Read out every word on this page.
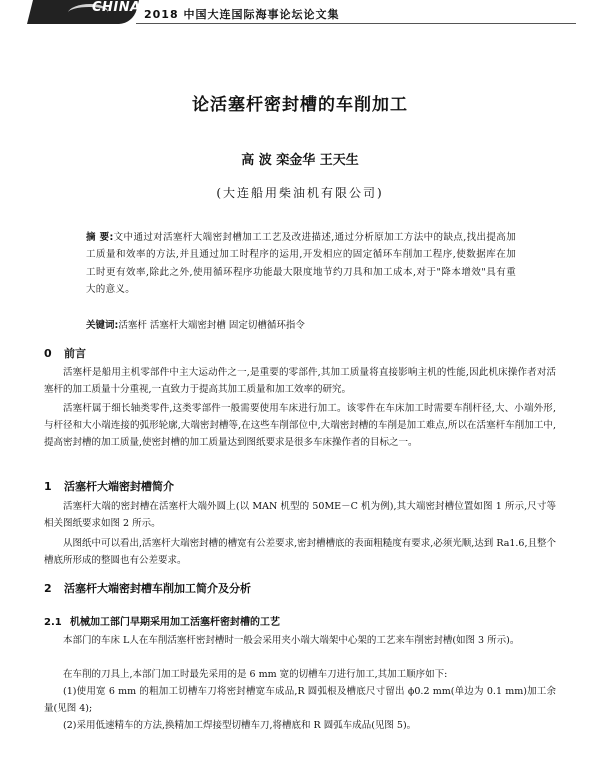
CHINA 2018 中国大连国际海事论坛论文集
论活塞杆密封槽的车削加工
高 波 栾金华 王天生
(大连船用柴油机有限公司)
摘 要:文中通过对活塞杆大端密封槽加工工艺及改进描述,通过分析原加工方法中的缺点,找出提高加工质量和效率的方法,并且通过加工时程序的运用,开发相应的固定循环车削加工程序,使数据库在加工时更有效率,除此之外,使用循环程序功能最大限度地节约刀具和加工成本,对于"降本增效"具有重大的意义。
关键词:活塞杆 活塞杆大端密封槽 固定切槽循环指令
0 前言

活塞杆是船用主机零部件中主大运动件之一,是重要的零部件,其加工质量将直接影响主机的性能,因此机床操作者对活塞杆的加工质量十分重视,一直致力于提高其加工质量和加工效率的研究。

活塞杆属于细长轴类零件,这类零部件一般需要使用车床进行加工。该零件在车床加工时需要车削杆径,大、小端外形,与杆径和大小端连接的弧形轮廓,大端密封槽等,在这些车削部位中,大端密封槽的车削是加工难点,所以在活塞杆车削加工中,提高密封槽的加工质量,使密封槽的加工质量达到图纸要求是很多车床操作者的目标之一。

1 活塞杆大端密封槽简介

活塞杆大端的密封槽在活塞杆大端外圆上(以 MAN 机型的 50ME－C 机为例),其大端密封槽位置如图 1 所示,尺寸等相关图纸要求如图 2 所示。

从图纸中可以看出,活塞杆大端密封槽的槽宽有公差要求,密封槽槽底的表面粗糙度有要求,必须光顺,达到 Ra1.6,且整个槽底所形成的整圆也有公差要求。

2 活塞杆大端密封槽车削加工简介及分析
2.1 机械加工部门早期采用加工活塞杆密封槽的工艺

本部门的车床 L人在车削活塞杆密封槽时一般会采用夹小端大端架中心架的工艺来车削密封槽(如图 3 所示)。

在车削的刀具上,本部门加工时最先采用的是 6 mm 宽的切槽车刀进行加工,其加工顺序如下:

(1)使用宽 6 mm 的粗加工切槽车刀将密封槽宽车成品,R 圆弧根及槽底尺寸留出 ϕ0.2 mm(单边为 0.1 mm)加工余量(见图 4);

(2)采用低速精车的方法,换精加工焊接型切槽车刀,将槽底和 R 圆弧车成品(见图 5)。
